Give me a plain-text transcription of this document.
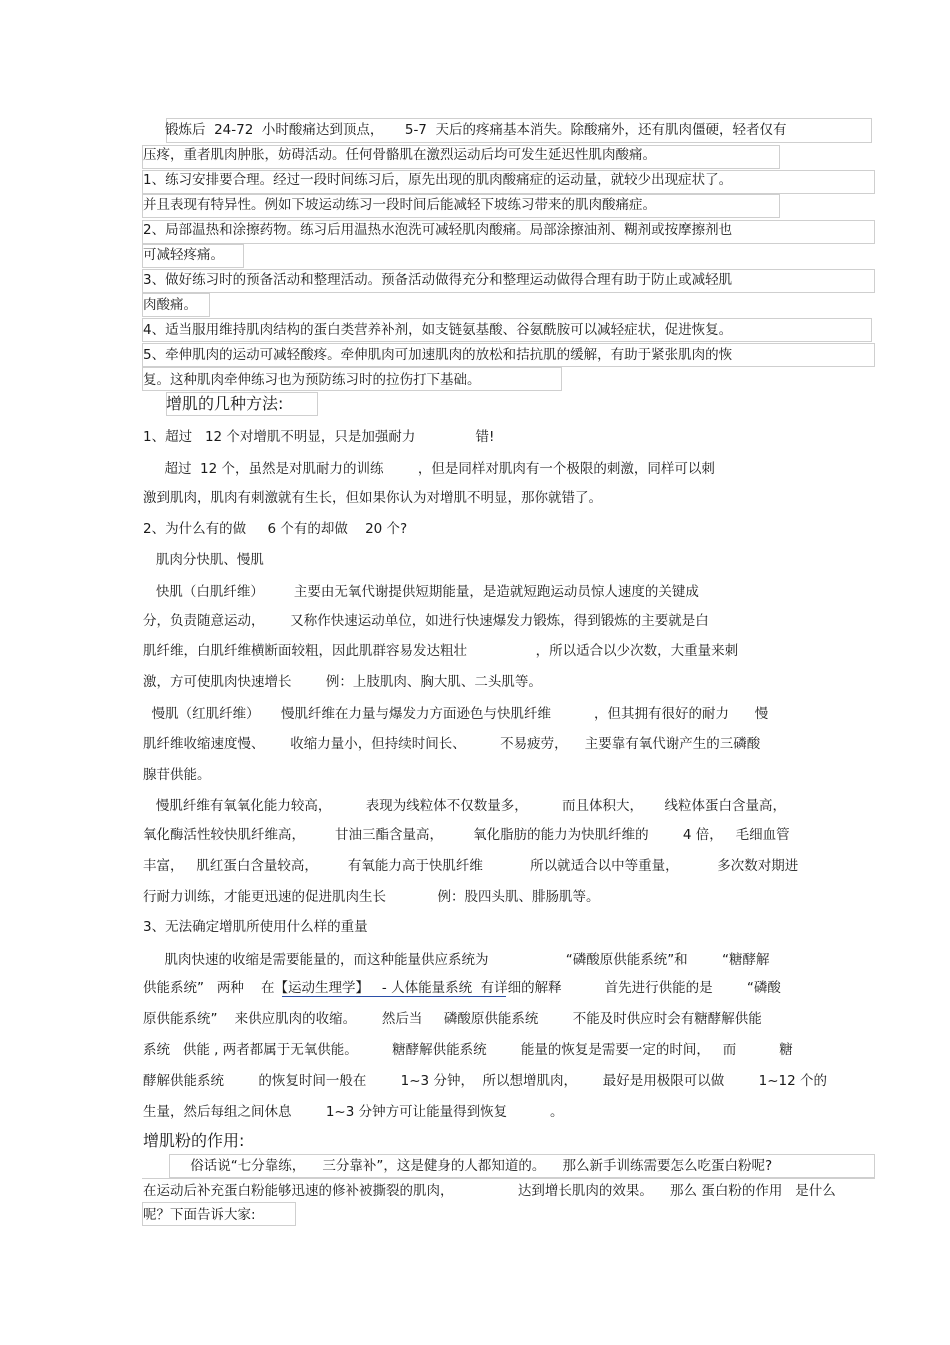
锻炼后  24-72  小时酸痛达到顶点，     5-7  天后的疼痛基本消失。除酸痛外，还有肌肉僵硬，轻者仅有
压疼，重者肌肉肿胀，妨碍活动。任何骨骼肌在激烈运动后均可发生延迟性肌肉酸痛。
1、练习安排要合理。经过一段时间练习后，原先出现的肌肉酸痛症的运动量，就较少出现症状了。
并且表现有特异性。例如下坡运动练习一段时间后能减轻下坡练习带来的肌肉酸痛症。
2、局部温热和涂擦药物。练习后用温热水泡洗可减轻肌肉酸痛。局部涂擦油剂、糊剂或按摩擦剂也
可减轻疼痛。
3、做好练习时的预备活动和整理活动。预备活动做得充分和整理运动做得合理有助于防止或减轻肌
肉酸痛。
4、适当服用维持肌肉结构的蛋白类营养补剂，如支链氨基酸、谷氨酰胺可以减轻症状，促进恢复。
5、牵伸肌肉的运动可减轻酸疼。牵伸肌肉可加速肌肉的放松和拮抗肌的缓解，有助于紧张肌肉的恢
复。这种肌肉牵伸练习也为预防练习时的拉伤打下基础。
增肌的几种方法:
1、超过   12 个对增肌不明显，只是加强耐力              错!
超过  12 个，虽然是对肌耐力的训练        ，但是同样对肌肉有一个极限的刺激，同样可以刺
激到肌肉，肌肉有刺激就有生长，但如果你认为对增肌不明显，那你就错了。
2、为什么有的做     6 个有的却做    20 个?
肌肉分快肌、慢肌
快肌（白肌纤维）       主要由无氧代谢提供短期能量，是造就短跑运动员惊人速度的关键成
分，负责随意运动，      又称作快速运动单位，如进行快速爆发力锻炼，得到锻炼的主要就是白
肌纤维，白肌纤维横断面较粗，因此肌群容易发达粗壮                ，所以适合以少次数，大重量来刺
激，方可使肌肉快速增长        例：上肢肌肉、胸大肌、二头肌等。
慢肌（红肌纤维）     慢肌纤维在力量与爆发力方面逊色与快肌纤维          ，但其拥有很好的耐力      慢
肌纤维收缩速度慢、      收缩力量小，但持续时间长、        不易疲劳，    主要靠有氧代谢产生的三磷酸
腺苷供能。
慢肌纤维有氧氧化能力较高，        表现为线粒体不仅数量多，        而且体积大，     线粒体蛋白含量高，
氧化酶活性较快肌纤维高，       甘油三酯含量高，       氧化脂肪的能力为快肌纤维的        4 倍，   毛细血管
丰富，   肌红蛋白含量较高，       有氧能力高于快肌纤维           所以就适合以中等重量，         多次数对期进
行耐力训练，才能更迅速的促进肌肉生长            例：股四头肌、腓肠肌等。
3、无法确定增肌所使用什么样的重量
肌肉快速的收缩是需要能量的，而这种能量供应系统为                  “磷酸原供能系统”和        “糖酵解
供能系统”   两种    在【运动生理学】   - 人体能量系统  有详细的解释          首先进行供能的是        “磷酸
原供能系统”    来供应肌肉的收缩。      然后当     磷酸原供能系统        不能及时供应时会有糖酵解供能
系统   供能 , 两者都属于无氧供能。        糖酵解供能系统        能量的恢复是需要一定的时间，   而          糖
酵解供能系统        的恢复时间一般在        1~3 分钟，  所以想增肌肉，      最好是用极限可以做        1~12 个的
生量，然后每组之间休息        1~3 分钟方可让能量得到恢复          。
增肌粉的作用:
俗话说“七分靠练，    三分靠补”，这是健身的人都知道的。    那么新手训练需要怎么吃蛋白粉呢?
在运动后补充蛋白粉能够迅速的修补被撕裂的肌肉，               达到增长肌肉的效果。    那么 蛋白粉的作用   是什么
呢？下面告诉大家:
